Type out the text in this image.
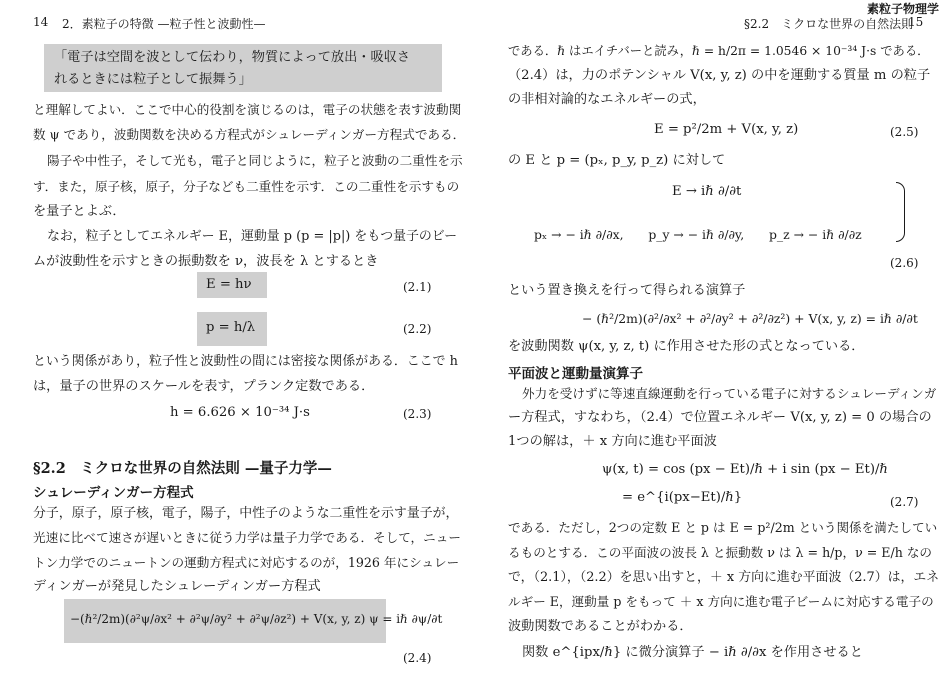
14 2．素粒子の特徴 —粒子性と波動性—
「電子は空間を波として伝わり，物質によって放出・吸収さ
れるときには粒子として振舞う」
と理解してよい．ここで中心的役割を演じるのは，電子の状態を表す波動関
数 ψ であり，波動関数を決める方程式がシュレーディンガー方程式である．
陽子や中性子，そして光も，電子と同じように，粒子と波動の二重性を示
す．また，原子核，原子，分子なども二重性を示す．この二重性を示すもの
を量子とよぶ．
なお，粒子としてエネルギー E，運動量 p (p = |p|) をもつ量子のビー
ムが波動性を示すときの振動数を ν，波長を λ とするとき
E = hν	(2.1)
p = h/λ	(2.2)
という関係があり，粒子性と波動性の間には密接な関係がある．ここで h
は，量子の世界のスケールを表す，プランク定数である．
h = 6.626 × 10⁻³⁴ J·s	(2.3)
§2.2　ミクロな世界の自然法則 —量子力学—
シュレーディンガー方程式
分子，原子，原子核，電子，陽子，中性子のような二重性を示す量子が，
光速に比べて速さが遅いときに従う力学は量子力学である．そして，ニュー
トン力学でのニュートンの運動方程式に対応するのが，1926 年にシュレー
ディンガーが発見したシュレーディンガー方程式
−(ℏ²/2m)(∂²ψ/∂x² + ∂²ψ/∂y² + ∂²ψ/∂z²) + V(x, y, z) ψ = iℏ ∂ψ/∂t
(2.4)
素粒子物理学
§2.2　ミクロな世界の自然法則
15
である．ℏ はエイチバーと読み，ℏ = h/2π = 1.0546 × 10⁻³⁴ J·s である．
（2.4）は，力のポテンシャル V(x, y, z) の中を運動する質量 m の粒子
の非相対論的なエネルギーの式，
E = p²/2m + V(x, y, z)	(2.5)
の E と p = (pₓ, p_y, p_z) に対して
E → iℏ ∂/∂t
pₓ → − iℏ ∂/∂x,　　p_y → − iℏ ∂/∂y,　　p_z → − iℏ ∂/∂z
(2.6)
という置き換えを行って得られる演算子
− (ℏ²/2m)(∂²/∂x² + ∂²/∂y² + ∂²/∂z²) + V(x, y, z) = iℏ ∂/∂t
を波動関数 ψ(x, y, z, t) に作用させた形の式となっている．
平面波と運動量演算子
外力を受けずに等速直線運動を行っている電子に対するシュレーディンガ
ー方程式，すなわち，（2.4）で位置エネルギー V(x, y, z) = 0 の場合の
1つの解は，＋ x 方向に進む平面波
ψ(x, t) = cos (px − Et)/ℏ + i sin (px − Et)/ℏ
= e^{i(px−Et)/ℏ}	(2.7)
である．ただし，2つの定数 E と p は E = p²/2m という関係を満たしてい
るものとする．この平面波の波長 λ と振動数 ν は λ = h/p，ν = E/h なの
で，（2.1），（2.2）を思い出すと，＋ x 方向に進む平面波（2.7）は，エネ
ルギー E，運動量 p をもって ＋ x 方向に進む電子ビームに対応する電子の
波動関数であることがわかる．
関数 e^{ipx/ℏ} に微分演算子 − iℏ ∂/∂x を作用させると
